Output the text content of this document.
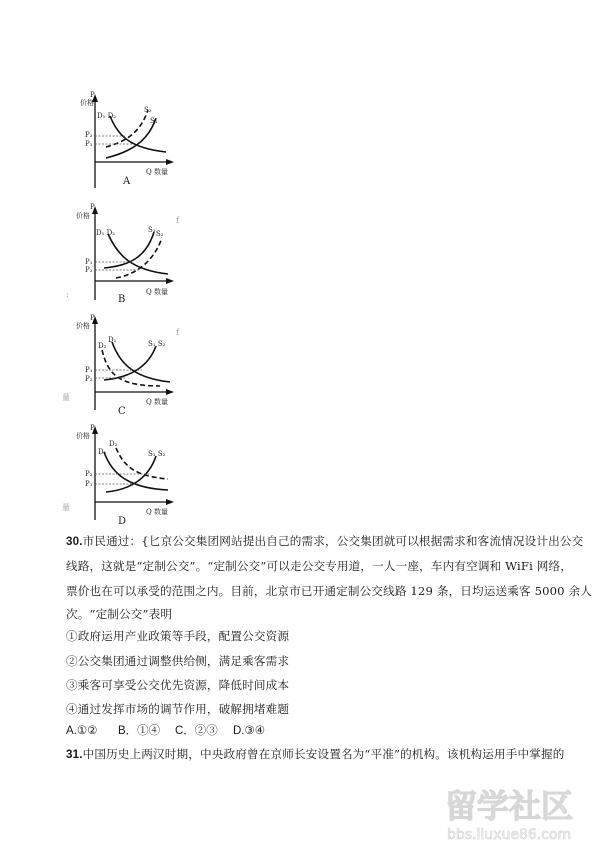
P
价格
Q 数量
D₁ D₂
S₂
S₁
P₂
P₁
A
P
价格
Q 数量
D₁ D₂	S₁ S₂
P₁
P₂
B
f
:
P
价格
Q 数量
D₂
D₁	S₁ S₂
P₁
P₂
C
f
量
P
价格
Q 数量
D₁
D₂
S₁ S₂
P₂
P₁
D
量
30.市民通过：{匕京公交集团网站提出自己的需求，公交集团就可以根据需求和客流情况设计出公交
线路，这就是“定制公交”。“定制公交”可以走公交专用道，一人一座，车内有空调和 WiFi 网络，
票价也在可以承受的范围之内。目前，北京市已开通定制公交线路 129 条，日均运送乘客 5000 余人
次。“定制公交”表明
①政府运用产业政策等手段，配置公交资源
②公交集团通过调整供给侧，满足乘客需求
③乘客可享受公交优先资源，降低时间成本
④通过发挥市场的调节作用，破解拥堵难题
A.①② B．①④ C．②③ D.③④
31.中国历史上两汉时期，中央政府曾在京师长安设置名为“平准”的机构。该机构运用手中掌握的
留学社区
bbs.liuxue86.com
